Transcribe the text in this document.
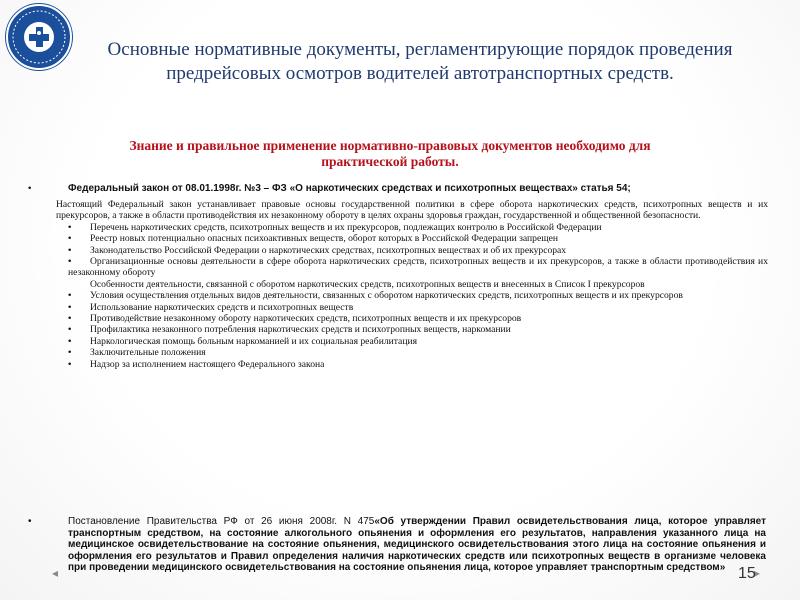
Основные нормативные документы, регламентирующие порядок проведения предрейсовых осмотров водителей автотранспортных средств.
Знание и правильное применение нормативно-правовых документов необходимо для практической работы.
•	Федеральный закон от 08.01.1998г. №3 – ФЗ «О наркотических средствах и психотропных веществах» статья 54;
Настоящий Федеральный закон устанавливает правовые основы государственной политики в сфере оборота наркотических средств, психотропных веществ и их прекурсоров, а также в области противодействия их незаконному обороту в целях охраны здоровья граждан, государственной и общественной безопасности.
• Перечень наркотических средств, психотропных веществ и их прекурсоров, подлежащих контролю в Российской Федерации
• Реестр новых потенциально опасных психоактивных веществ, оборот которых в Российской Федерации запрещен
• Законодательство Российской Федерации о наркотических средствах, психотропных веществах и об их прекурсорах
• Организационные основы деятельности в сфере оборота наркотических средств, психотропных веществ и их прекурсоров, а также в области противодействия их незаконному обороту
Особенности деятельности, связанной с оборотом наркотических средств, психотропных веществ и внесенных в Список I прекурсоров
• Условия осуществления отдельных видов деятельности, связанных с оборотом наркотических средств, психотропных веществ и их прекурсоров
• Использование наркотических средств и психотропных веществ
• Противодействие незаконному обороту наркотических средств, психотропных веществ и их прекурсоров
• Профилактика незаконного потребления наркотических средств и психотропных веществ, наркомании
• Наркологическая помощь больным наркоманией и их социальная реабилитация
• Заключительные положения
• Надзор за исполнением настоящего Федерального закона
•	Постановление Правительства РФ от 26 июня 2008г. N 475«Об утверждении Правил освидетельствования лица, которое управляет транспортным средством, на состояние алкогольного опьянения и оформления его результатов, направления указанного лица на медицинское освидетельствование на состояние опьянения, медицинского освидетельствования этого лица на состояние опьянения и оформления его результатов и Правил определения наличия наркотических средств или психотропных веществ в организме человека при проведении медицинского освидетельствования на состояние опьянения лица, которое управляет транспортным средством»
◂	▸
15
